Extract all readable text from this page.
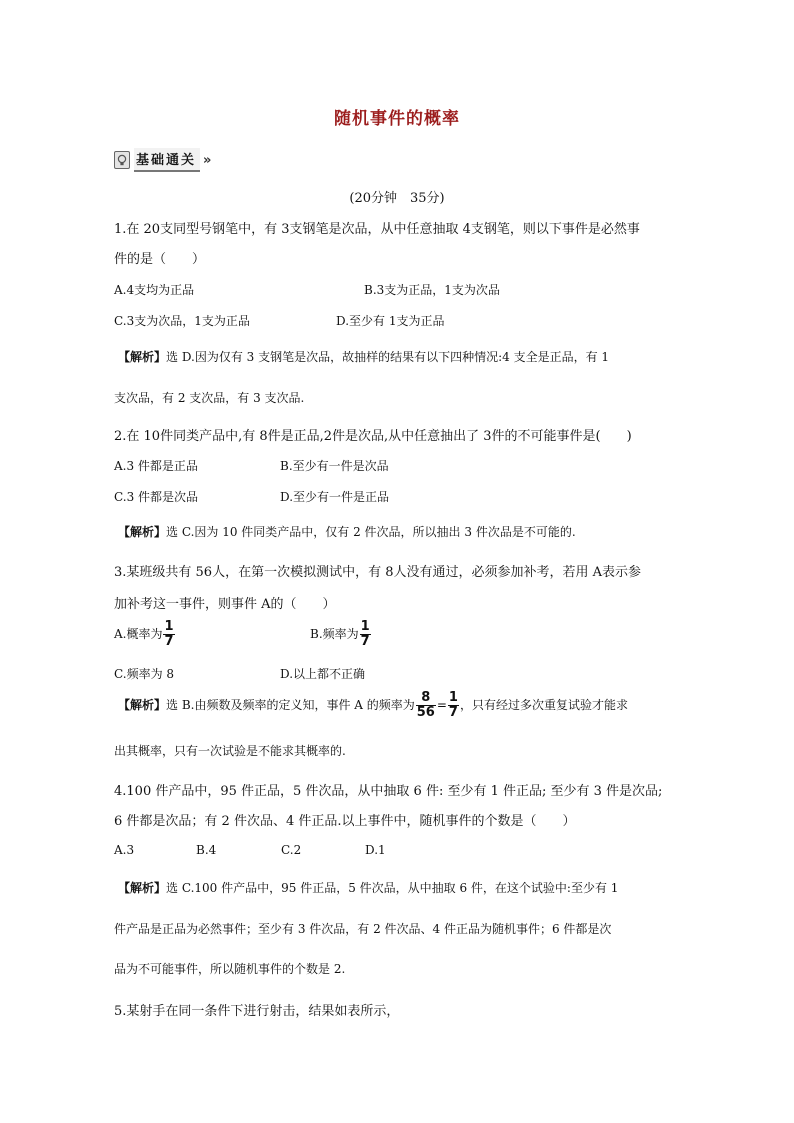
随机事件的概率
基础通关 »
(20分钟　35分)
1.在 20支同型号钢笔中，有 3支钢笔是次品，从中任意抽取 4支钢笔，则以下事件是必然事
件的是（　　）
A.4支均为正品	B.3支为正品，1支为次品
C.3支为次品，1支为正品	D.至少有 1支为正品
【解析】选 D.因为仅有 3 支钢笔是次品，故抽样的结果有以下四种情况:4 支全是正品，有 1
支次品，有 2 支次品，有 3 支次品.
2.在 10件同类产品中,有 8件是正品,2件是次品,从中任意抽出了 3件的不可能事件是(　　)
A.3 件都是正品	B.至少有一件是次品
C.3 件都是次品	D.至少有一件是正品
【解析】选 C.因为 10 件同类产品中，仅有 2 件次品，所以抽出 3 件次品是不可能的.
3.某班级共有 56人，在第一次模拟测试中，有 8人没有通过，必须参加补考，若用 A表示参
加补考这一事件，则事件 A的（　　）
A.概率为 $\frac{1}{7}$	B.频率为 $\frac{1}{7}$
C.频率为 8	D.以上都不正确
【解析】选 B.由频数及频率的定义知，事件 A 的频率为 $\frac{8}{56} = \frac{1}{7}$ ，只有经过多次重复试验才能求
出其概率，只有一次试验是不能求其概率的.
4.100 件产品中，95 件正品，5 件次品，从中抽取 6 件: 至少有 1 件正品; 至少有 3 件是次品;
6 件都是次品；有 2 件次品、4 件正品.以上事件中，随机事件的个数是（　　）
A.3	B.4	C.2	D.1
【解析】选 C.100 件产品中，95 件正品，5 件次品，从中抽取 6 件，在这个试验中:至少有 1
件产品是正品为必然事件；至少有 3 件次品，有 2 件次品、4 件正品为随机事件；6 件都是次
品为不可能事件，所以随机事件的个数是 2.
5.某射手在同一条件下进行射击，结果如表所示，
